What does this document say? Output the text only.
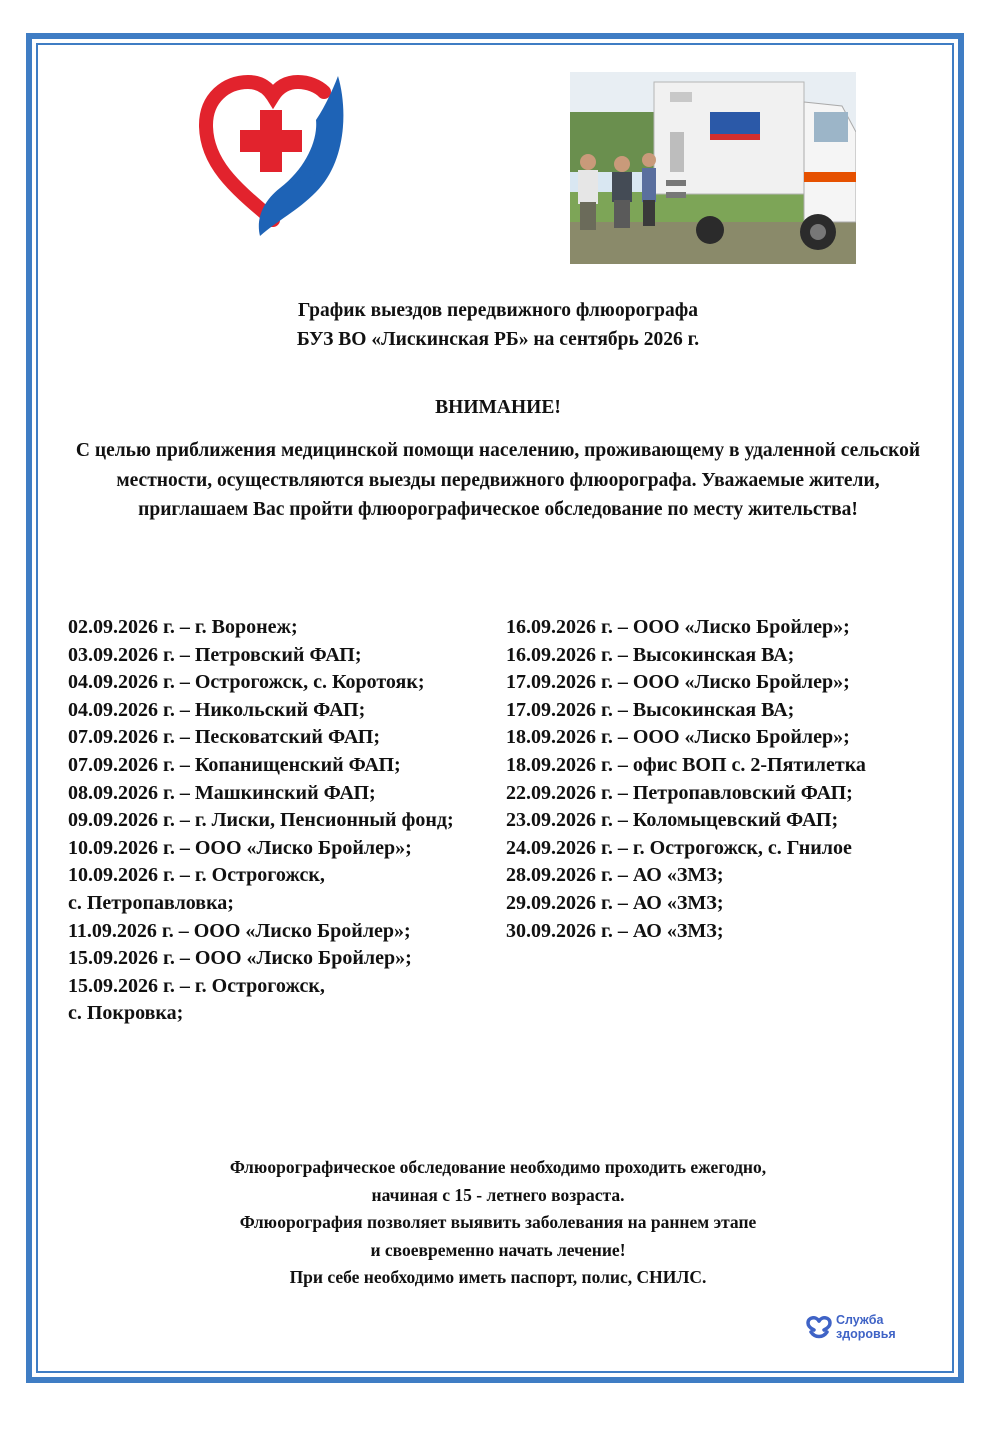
График выездов передвижного флюорографа
БУЗ ВО «Лискинская РБ» на сентябрь 2026 г.
ВНИМАНИЕ!
С целью приближения медицинской помощи населению, проживающему в удаленной сельской местности, осуществляются выезды передвижного флюорографа. Уважаемые жители, приглашаем Вас пройти флюорографическое обследование по месту жительства!
02.09.2026 г. – г. Воронеж;
03.09.2026 г. – Петровский ФАП;
04.09.2026 г. – Острогожск, с. Коротояк;
04.09.2026 г. – Никольский ФАП;
07.09.2026 г. – Песковатский ФАП;
07.09.2026 г. – Копанищенский ФАП;
08.09.2026 г. – Машкинский ФАП;
09.09.2026 г. – г. Лиски, Пенсионный фонд;
10.09.2026 г. – ООО «Лиско Бройлер»;
10.09.2026 г. – г. Острогожск,
с. Петропавловка;
11.09.2026 г. – ООО «Лиско Бройлер»;
15.09.2026 г. – ООО «Лиско Бройлер»;
15.09.2026 г. – г. Острогожск,
с. Покровка;
16.09.2026 г. – ООО «Лиско Бройлер»;
16.09.2026 г. – Высокинская ВА;
17.09.2026 г. – ООО «Лиско Бройлер»;
17.09.2026 г. – Высокинская ВА;
18.09.2026 г. – ООО «Лиско Бройлер»;
18.09.2026 г. – офис ВОП с. 2-Пятилетка
22.09.2026 г. – Петропавловский ФАП;
23.09.2026 г. – Коломыцевский ФАП;
24.09.2026 г. – г. Острогожск, с. Гнилое
28.09.2026 г. – АО «ЗМЗ;
29.09.2026 г. – АО «ЗМЗ;
30.09.2026 г. – АО «ЗМЗ;
Флюорографическое обследование необходимо проходить ежегодно,
начиная с 15 - летнего возраста.
Флюорография позволяет выявить заболевания на раннем этапе
и своевременно начать лечение!
При себе необходимо иметь паспорт, полис, СНИЛС.
Служба
здоровья
